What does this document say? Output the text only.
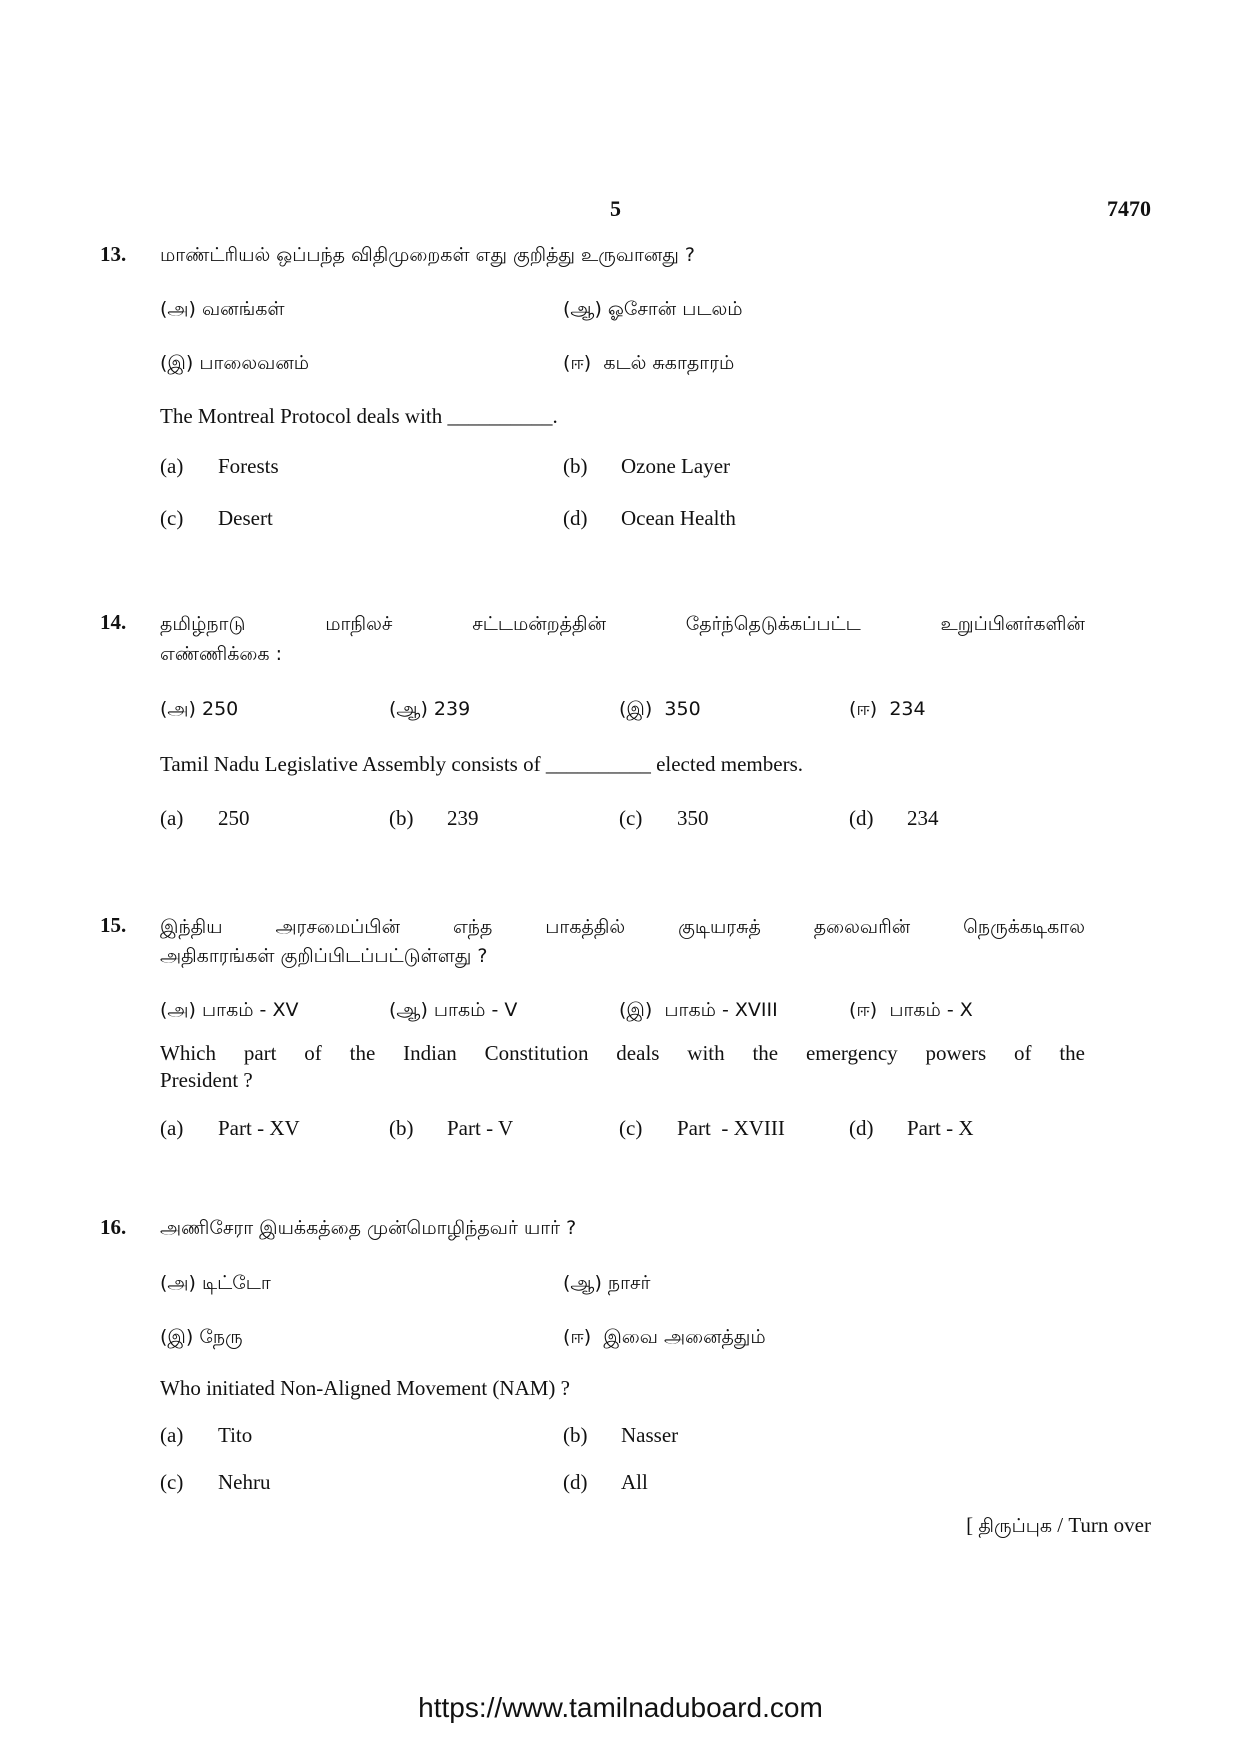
5	7470
13. மாண்ட்ரியல் ஒப்பந்த விதிமுறைகள் எது குறித்து உருவானது ?
(அ) வனங்கள்	(ஆ) ஓசோன் படலம்
(இ) பாலைவனம்	(ஈ) கடல் சுகாதாரம்
The Montreal Protocol deals with __________.
(a) Forests	(b) Ozone Layer
(c) Desert	(d) Ocean Health
14. தமிழ்நாடு மாநிலச் சட்டமன்றத்தின் தேர்ந்தெடுக்கப்பட்ட உறுப்பினர்களின்
எண்ணிக்கை :
(அ) 250	(ஆ) 239	(இ) 350	(ஈ) 234
Tamil Nadu Legislative Assembly consists of __________ elected members.
(a) 250	(b) 239	(c) 350	(d) 234
15. இந்திய அரசமைப்பின் எந்த பாகத்தில் குடியரசுத் தலைவரின் நெருக்கடிகால
அதிகாரங்கள் குறிப்பிடப்பட்டுள்ளது ?
(அ) பாகம் - XV	(ஆ) பாகம் - V	(இ) பாகம் - XVIII	(ஈ) பாகம் - X
Which part of the Indian Constitution deals with the emergency powers of the
President ?
(a) Part - XV	(b) Part - V	(c) Part  - XVIII	(d) Part - X
16. அணிசேரா இயக்கத்தை முன்மொழிந்தவர் யார் ?
(அ) டிட்டோ	(ஆ) நாசர்
(இ) நேரு	(ஈ) இவை அனைத்தும்
Who initiated Non-Aligned Movement (NAM) ?
(a) Tito	(b) Nasser
(c) Nehru	(d) All
[ திருப்புக / Turn over
https://www.tamilnaduboard.com
